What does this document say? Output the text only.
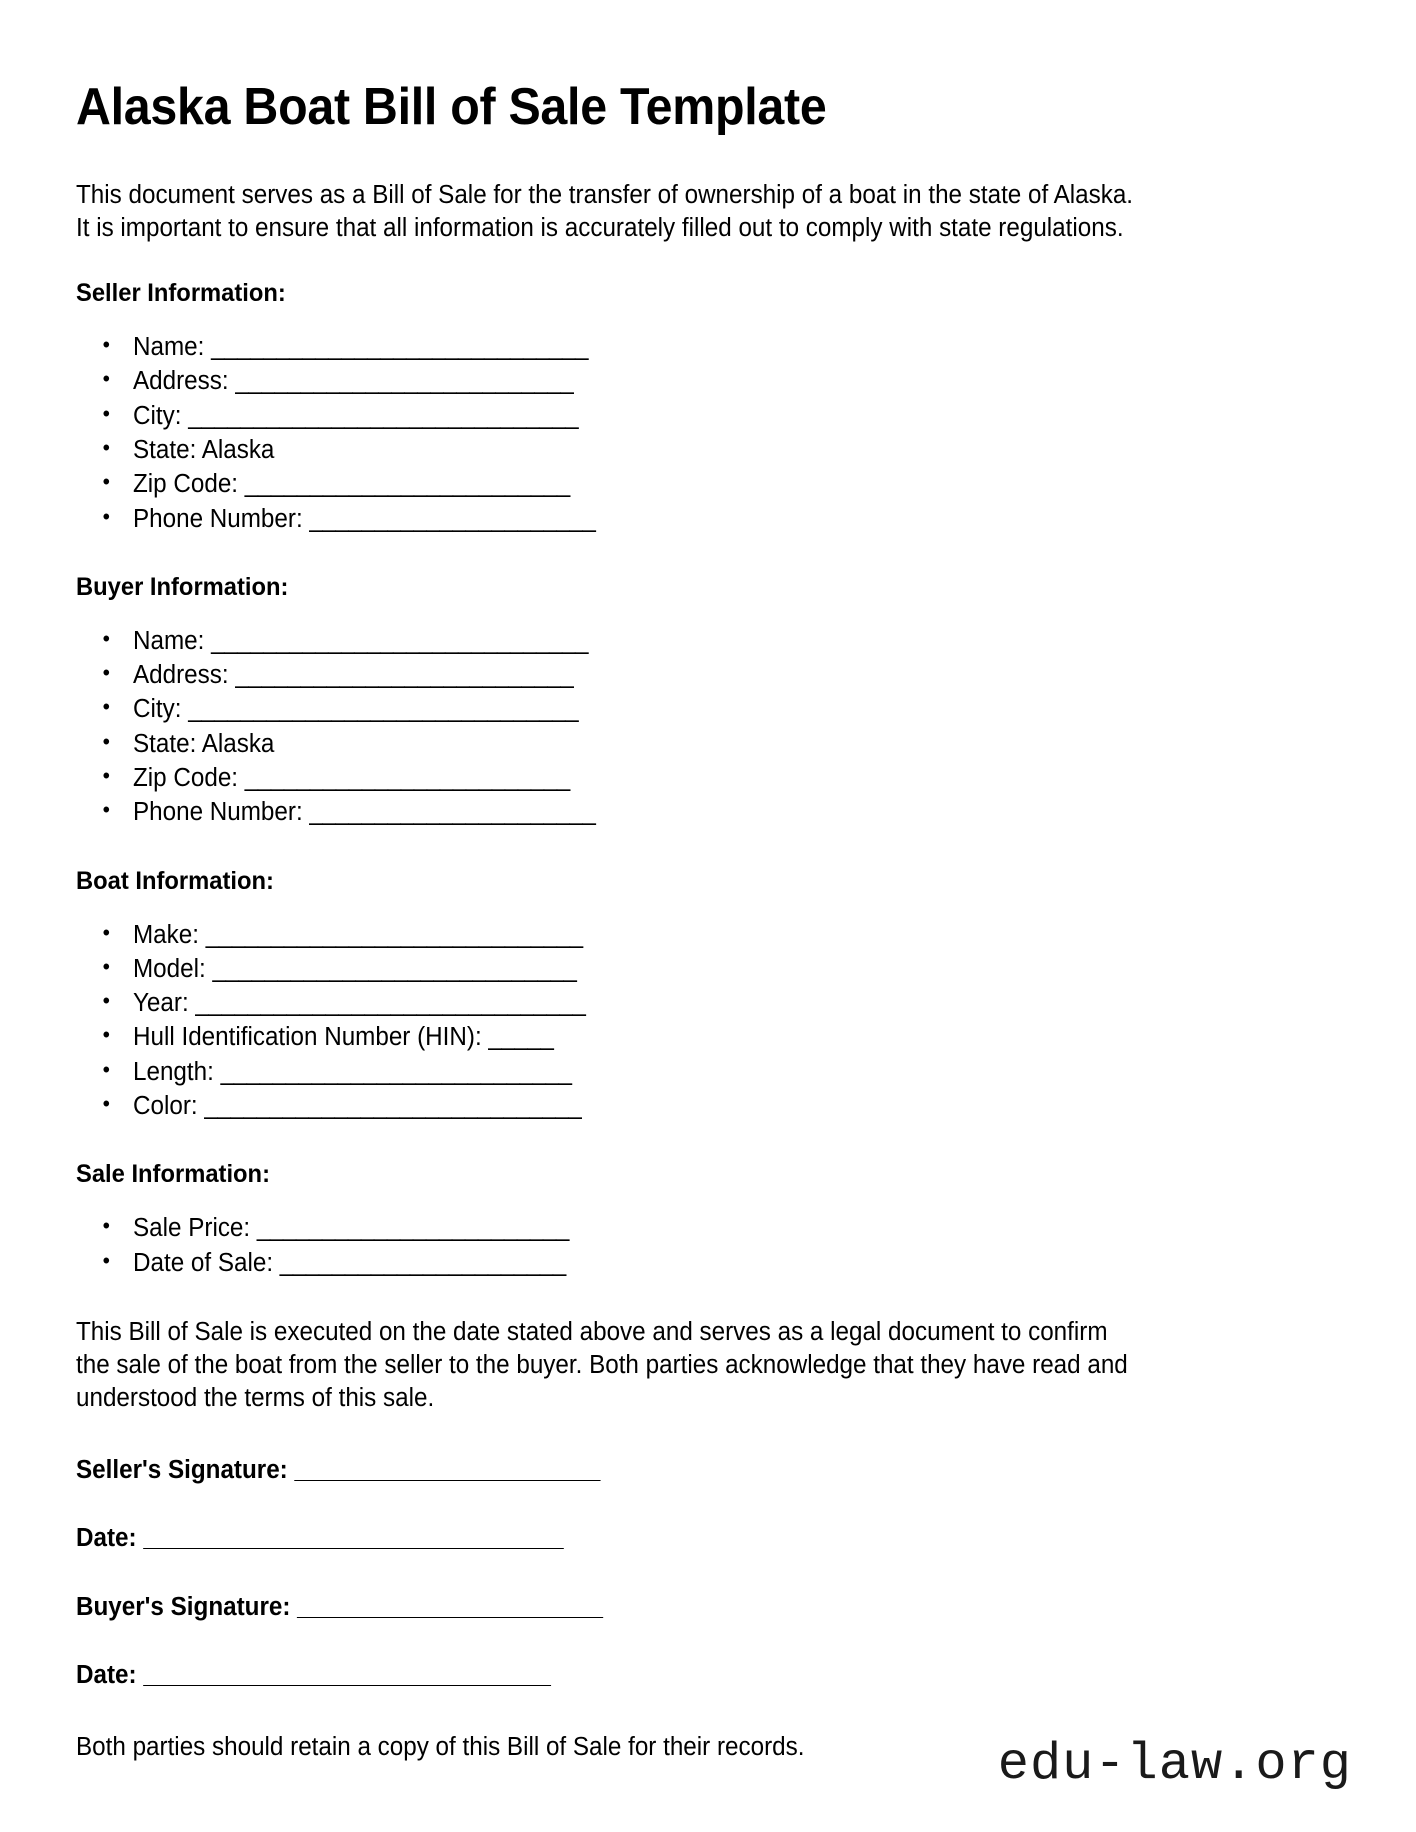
Alaska Boat Bill of Sale Template

This document serves as a Bill of Sale for the transfer of ownership of a boat in the state of Alaska. It is important to ensure that all information is accurately filled out to comply with state regulations.

Seller Information:
• Name: _____________________________
• Address: __________________________
• City: ______________________________
• State: Alaska
• Zip Code: _________________________
• Phone Number: ______________________
Buyer Information:
• Name: _____________________________
• Address: __________________________
• City: ______________________________
• State: Alaska
• Zip Code: _________________________
• Phone Number: ______________________
Boat Information:
• Make: _____________________________
• Model: ____________________________
• Year: ______________________________
• Hull Identification Number (HIN): _____
• Length: ___________________________
• Color: _____________________________
Sale Information:
• Sale Price: ________________________
• Date of Sale: ______________________

This Bill of Sale is executed on the date stated above and serves as a legal document to confirm the sale of the boat from the seller to the buyer. Both parties acknowledge that they have read and understood the terms of this sale.

Seller's Signature: ________________________
Date: _________________________________
Buyer's Signature: ________________________
Date: ________________________________
Both parties should retain a copy of this Bill of Sale for their records.	edu-law.org
